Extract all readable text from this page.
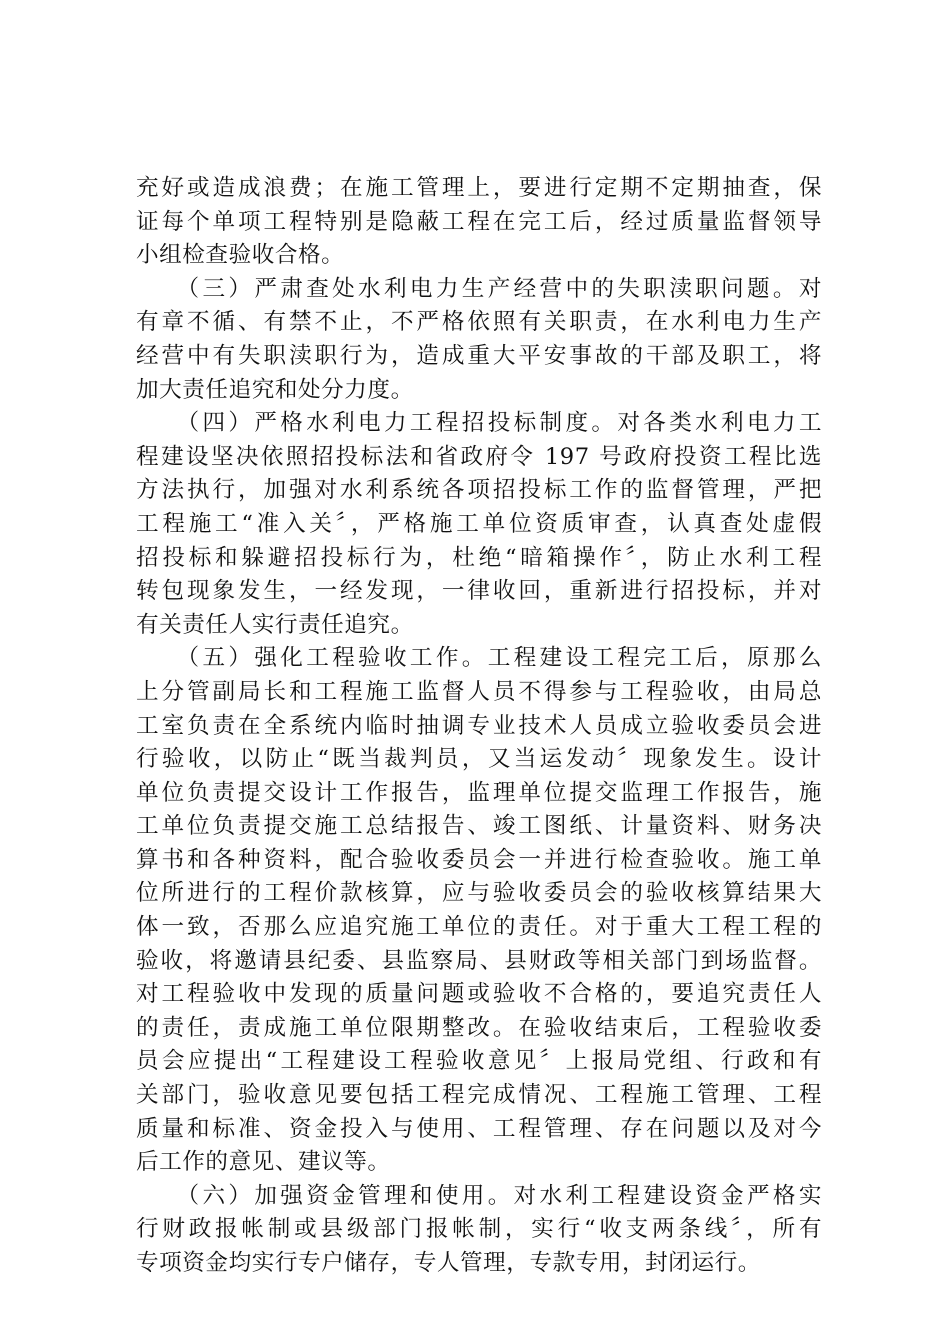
充好或造成浪费；在施工管理上，要进行定期不定期抽查，保
证每个单项工程特别是隐蔽工程在完工后，经过质量监督领导
小组检查验收合格。
　　（三）严肃查处水利电力生产经营中的失职渎职问题。对
有章不循、有禁不止，不严格依照有关职责，在水利电力生产
经营中有失职渎职行为，造成重大平安事故的干部及职工，将
加大责任追究和处分力度。
　　（四）严格水利电力工程招投标制度。对各类水利电力工
程建设坚决依照招投标法和省政府令 197 号政府投资工程比选
方法执行，加强对水利系统各项招投标工作的监督管理，严把
工程施工“准入关〞，严格施工单位资质审查，认真查处虚假
招投标和躲避招投标行为，杜绝“暗箱操作〞，防止水利工程
转包现象发生，一经发现，一律收回，重新进行招投标，并对
有关责任人实行责任追究。
　　（五）强化工程验收工作。工程建设工程完工后，原那么
上分管副局长和工程施工监督人员不得参与工程验收，由局总
工室负责在全系统内临时抽调专业技术人员成立验收委员会进
行验收，以防止“既当裁判员，又当运发动〞现象发生。设计
单位负责提交设计工作报告，监理单位提交监理工作报告，施
工单位负责提交施工总结报告、竣工图纸、计量资料、财务决
算书和各种资料，配合验收委员会一并进行检查验收。施工单
位所进行的工程价款核算，应与验收委员会的验收核算结果大
体一致，否那么应追究施工单位的责任。对于重大工程工程的
验收，将邀请县纪委、县监察局、县财政等相关部门到场监督。
对工程验收中发现的质量问题或验收不合格的，要追究责任人
的责任，责成施工单位限期整改。在验收结束后，工程验收委
员会应提出“工程建设工程验收意见〞上报局党组、行政和有
关部门，验收意见要包括工程完成情况、工程施工管理、工程
质量和标准、资金投入与使用、工程管理、存在问题以及对今
后工作的意见、建议等。
　　（六）加强资金管理和使用。对水利工程建设资金严格实
行财政报帐制或县级部门报帐制，实行“收支两条线〞，所有
专项资金均实行专户储存，专人管理，专款专用，封闭运行。
